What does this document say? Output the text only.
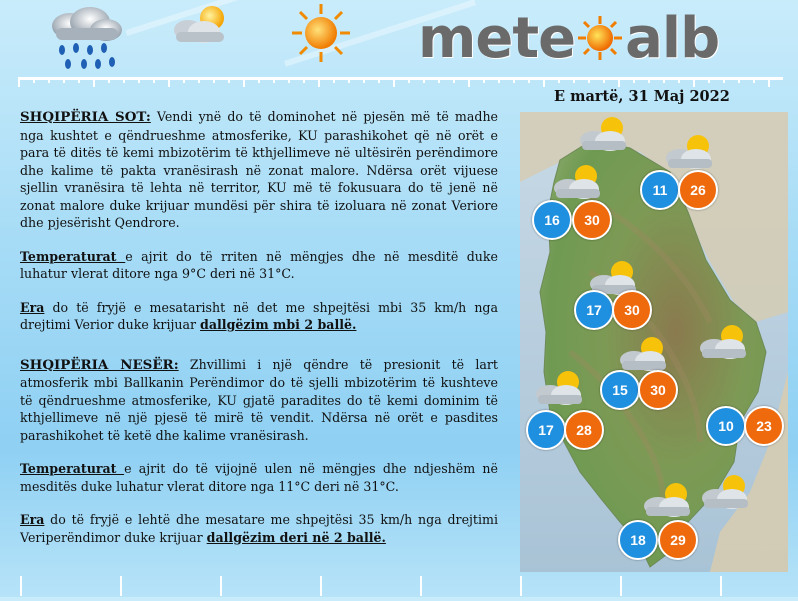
mete alb
E martë, 31 Maj 2022

SHQIPËRIA SOT: Vendi ynë do të dominohet në pjesën më të madhe nga kushtet e qëndrueshme atmosferike, KU parashikohet që në orët e para të ditës të kemi mbizotërim të kthjellimeve në ultësirën perëndimore dhe kalime të pakta vranësirash në zonat malore. Ndërsa orët vijuese sjellin vranësira të lehta në territor, KU më të fokusuara do të jenë në zonat malore duke krijuar mundësi për shira të izoluara në zonat Veriore dhe pjesërisht Qendrore.

Temperaturat e ajrit do të rriten në mëngjes dhe në mesditë duke luhatur vlerat ditore nga 9°C deri në 31°C.

Era do të fryjë e mesatarisht në det me shpejtësi mbi 35 km/h nga drejtimi Verior duke krijuar dallgëzim mbi 2 ballë.

SHQIPËRIA NESËR: Zhvillimi i një qëndre të presionit të lart atmosferik mbi Ballkanin Perëndimor do të sjelli mbizotërim të kushteve të qëndrueshme atmosferike, KU gjatë paradites do të kemi dominim të kthjellimeve në një pjesë të mirë të vendit. Ndërsa në orët e pasdites parashikohet të ketë dhe kalime vranësirash.

Temperaturat e ajrit do të vijojnë ulen në mëngjes dhe ndjeshëm në mesditës duke luhatur vlerat ditore nga 11°C deri në 31°C.

Era do të fryjë e lehtë dhe mesatare me shpejtësi 35 km/h nga drejtimi Veriperëndimor duke krijuar dallgëzim deri në 2 ballë.

11	26
16	30
17	30
15	30
17	28	10	23
18	29
